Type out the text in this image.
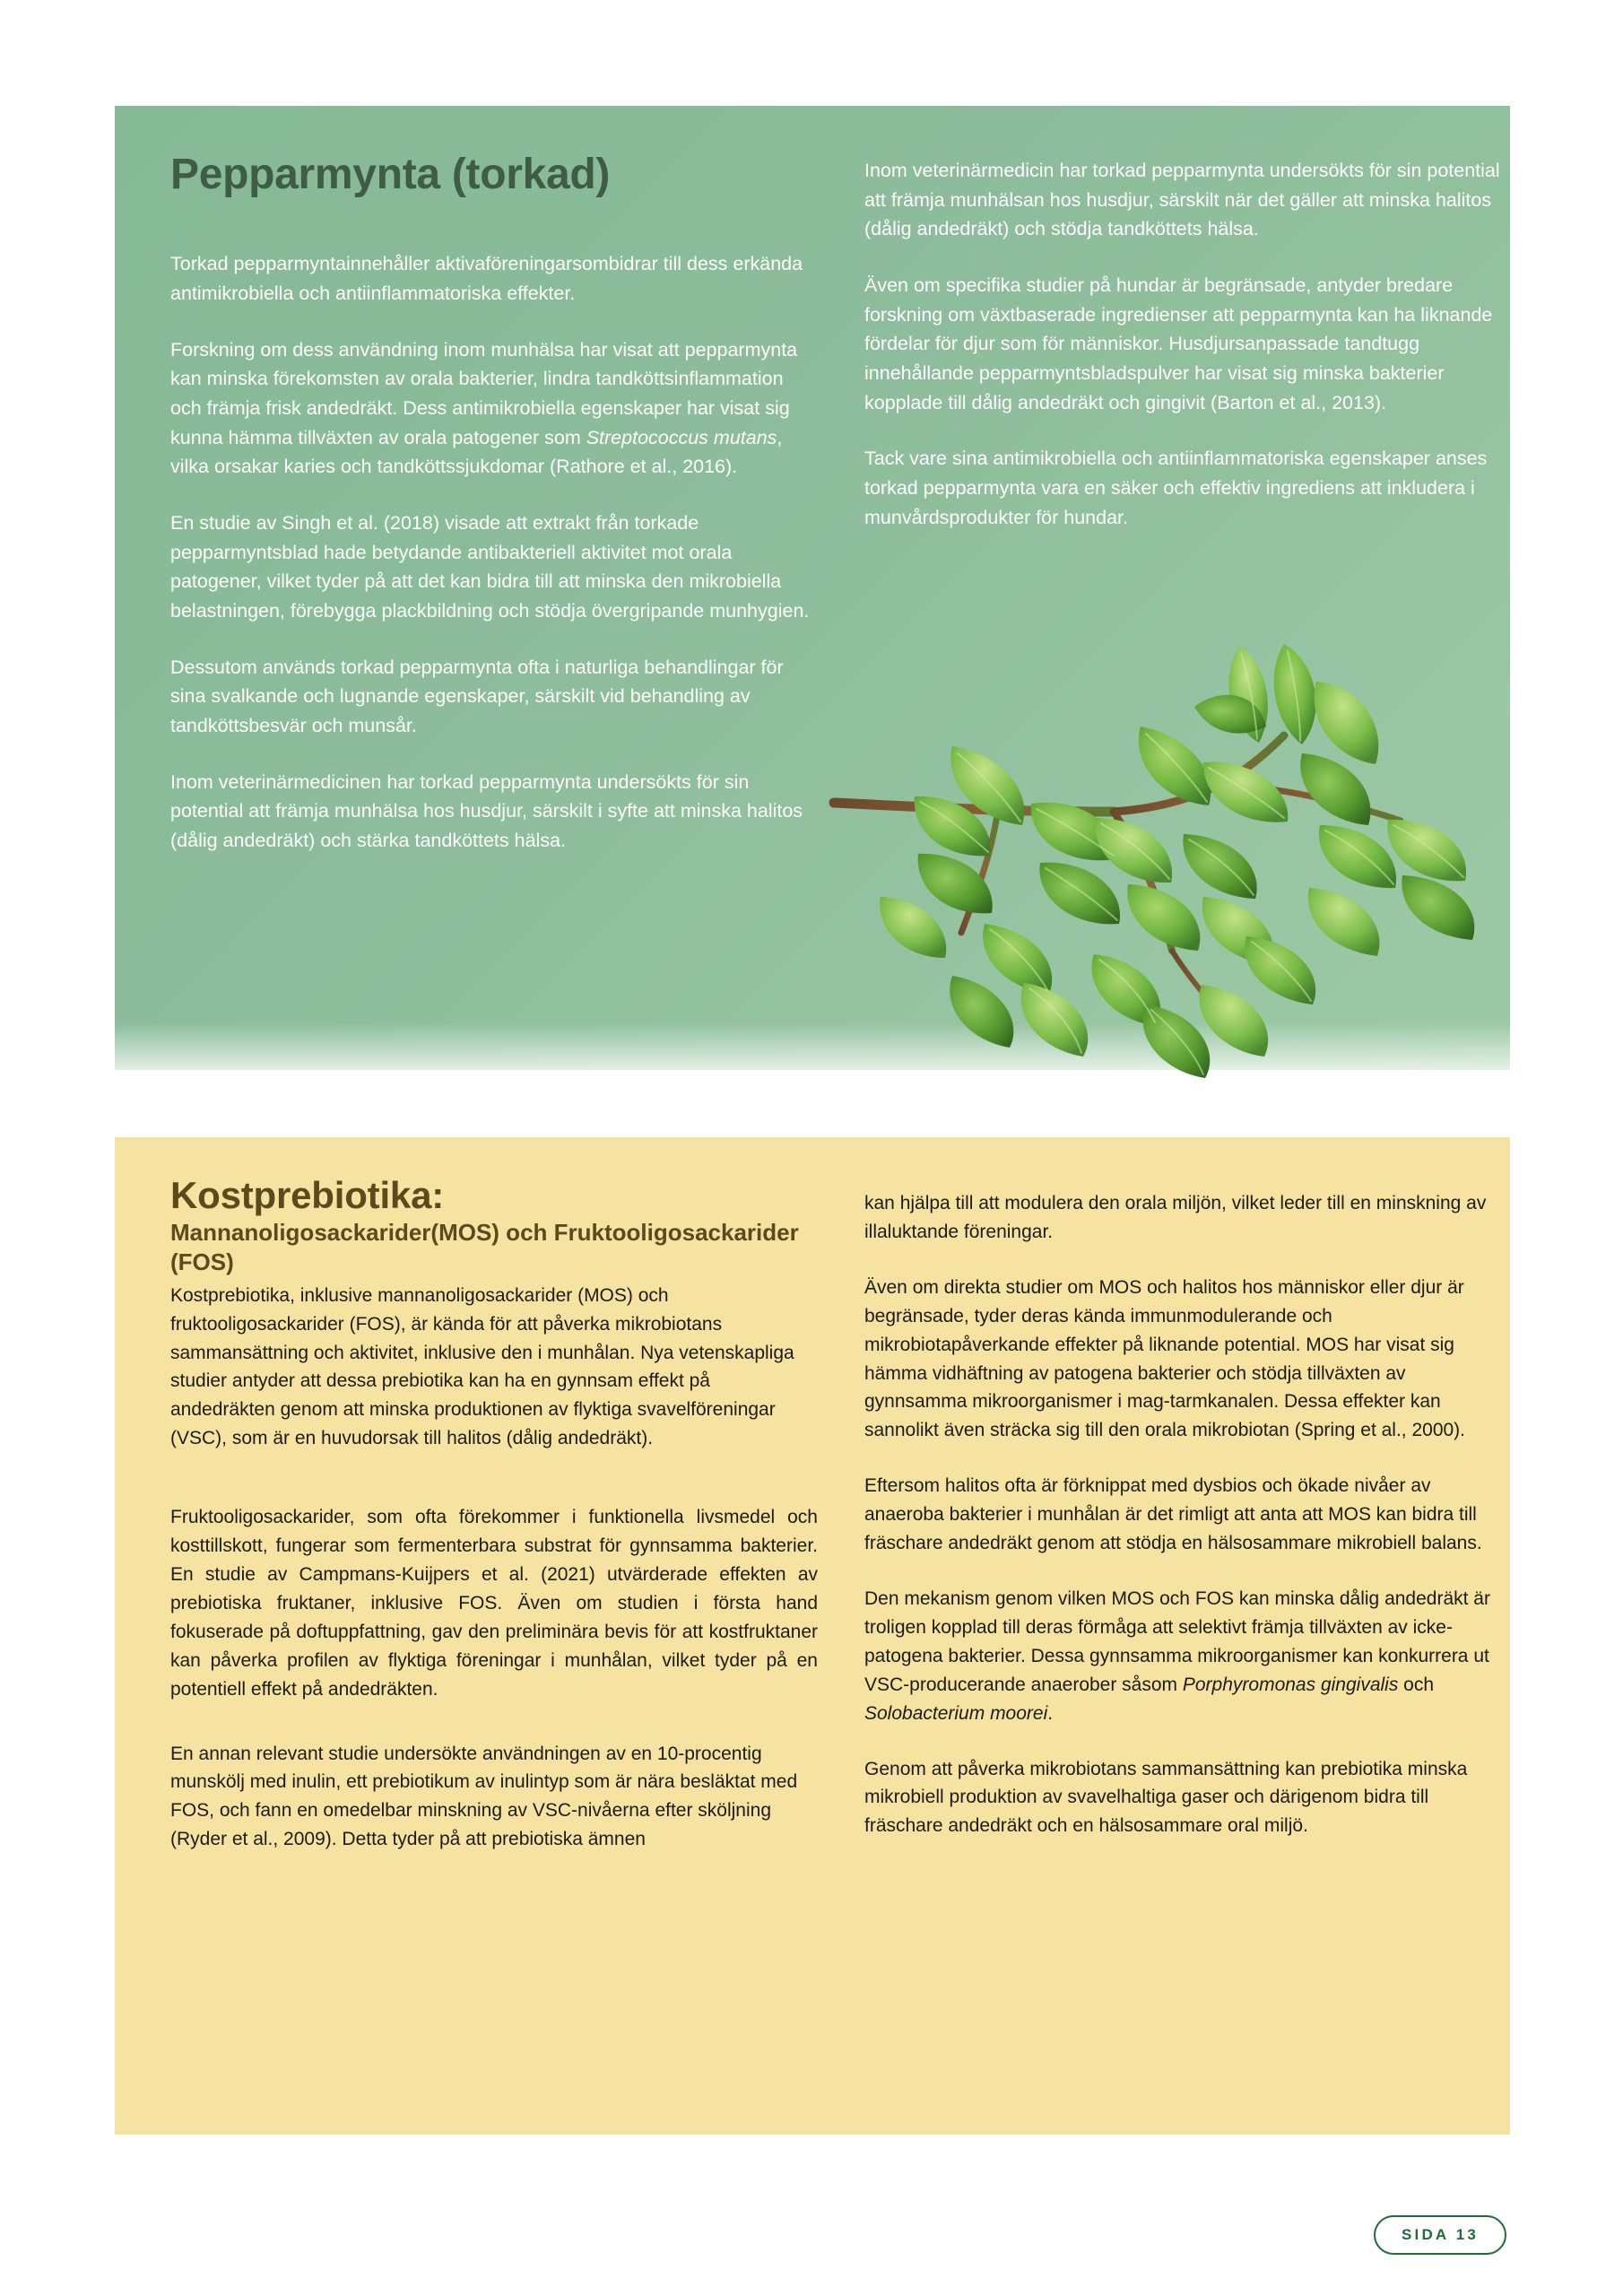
Pepparmynta (torkad)

Torkad pepparmyntainnehåller aktivaföreningarsombidrar till dess erkända antimikrobiella och antiinflammatoriska effekter.

Forskning om dess användning inom munhälsa har visat att pepparmynta kan minska förekomsten av orala bakterier, lindra tandköttsinflammation och främja frisk andedräkt. Dess antimikrobiella egenskaper har visat sig kunna hämma tillväxten av orala patogener som Streptococcus mutans, vilka orsakar karies och tandköttssjukdomar (Rathore et al., 2016).

En studie av Singh et al. (2018) visade att extrakt från torkade pepparmyntsblad hade betydande antibakteriell aktivitet mot orala patogener, vilket tyder på att det kan bidra till att minska den mikrobiella belastningen, förebygga plackbildning och stödja övergripande munhygien.

Dessutom används torkad pepparmynta ofta i naturliga behandlingar för sina svalkande och lugnande egenskaper, särskilt vid behandling av tandköttsbesvär och munsår.

Inom veterinärmedicinen har torkad pepparmynta undersökts för sin potential att främja munhälsa hos husdjur, särskilt i syfte att minska halitos (dålig andedräkt) och stärka tandköttets hälsa.

Inom veterinärmedicin har torkad pepparmynta undersökts för sin potential att främja munhälsan hos husdjur, särskilt när det gäller att minska halitos (dålig andedräkt) och stödja tandköttets hälsa.

Även om specifika studier på hundar är begränsade, antyder bredare forskning om växtbaserade ingredienser att pepparmynta kan ha liknande fördelar för djur som för människor. Husdjursanpassade tandtugg innehållande pepparmyntsbladspulver har visat sig minska bakterier kopplade till dålig andedräkt och gingivit (Barton et al., 2013).

Tack vare sina antimikrobiella och antiinflammatoriska egenskaper anses torkad pepparmynta vara en säker och effektiv ingrediens att inkludera i munvårdsprodukter för hundar.

Kostprebiotika:
Mannanoligosackarider(MOS) och Fruktooligosackarider (FOS)

Kostprebiotika, inklusive mannanoligosackarider (MOS) och fruktooligosackarider (FOS), är kända för att påverka mikrobiotans sammansättning och aktivitet, inklusive den i munhålan. Nya vetenskapliga studier antyder att dessa prebiotika kan ha en gynnsam effekt på andedräkten genom att minska produktionen av flyktiga svavelföreningar (VSC), som är en huvudorsak till halitos (dålig andedräkt).

Fruktooligosackarider, som ofta förekommer i funktionella livsmedel och kosttillskott, fungerar som fermenterbara substrat för gynnsamma bakterier. En studie av Campmans-Kuijpers et al. (2021) utvärderade effekten av prebiotiska fruktaner, inklusive FOS. Även om studien i första hand fokuserade på doftuppfattning, gav den preliminära bevis för att kostfruktaner kan påverka profilen av flyktiga föreningar i munhålan, vilket tyder på en potentiell effekt på andedräkten.

En annan relevant studie undersökte användningen av en 10-procentig munskölj med inulin, ett prebiotikum av inulintyp som är nära besläktat med FOS, och fann en omedelbar minskning av VSC-nivåerna efter sköljning (Ryder et al., 2009). Detta tyder på att prebiotiska ämnen

kan hjälpa till att modulera den orala miljön, vilket leder till en minskning av illaluktande föreningar.

Även om direkta studier om MOS och halitos hos människor eller djur är begränsade, tyder deras kända immunmodulerande och mikrobiotapåverkande effekter på liknande potential. MOS har visat sig hämma vidhäftning av patogena bakterier och stödja tillväxten av gynnsamma mikroorganismer i mag-tarmkanalen. Dessa effekter kan sannolikt även sträcka sig till den orala mikrobiotan (Spring et al., 2000).

Eftersom halitos ofta är förknippat med dysbios och ökade nivåer av anaeroba bakterier i munhålan är det rimligt att anta att MOS kan bidra till fräschare andedräkt genom att stödja en hälsosammare mikrobiell balans.

Den mekanism genom vilken MOS och FOS kan minska dålig andedräkt är troligen kopplad till deras förmåga att selektivt främja tillväxten av icke-patogena bakterier. Dessa gynnsamma mikroorganismer kan konkurrera ut VSC-producerande anaerober såsom Porphyromonas gingivalis och Solobacterium moorei.

Genom att påverka mikrobiotans sammansättning kan prebiotika minska mikrobiell produktion av svavelhaltiga gaser och därigenom bidra till fräschare andedräkt och en hälsosammare oral miljö.

SIDA 13
